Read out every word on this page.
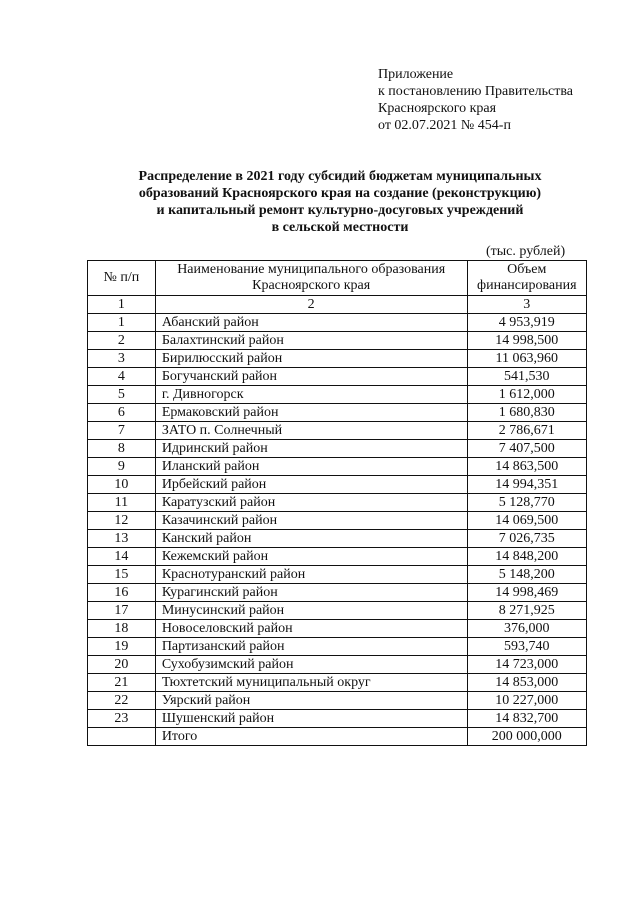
Приложение
к постановлению Правительства
Красноярского края
от 02.07.2021 № 454-п
Распределение в 2021 году субсидий бюджетам муниципальных
образований Красноярского края на создание (реконструкцию)
и капитальный ремонт культурно-досуговых учреждений
в сельской местности
(тыс. рублей)
№ п/п	Наименование муниципального образования Красноярского края	Объем финансирования
1	2	3
1	Абанский район	4 953,919
2	Балахтинский район	14 998,500
3	Бирилюсский район	11 063,960
4	Богучанский район	541,530
5	г. Дивногорск	1 612,000
6	Ермаковский район	1 680,830
7	ЗАТО п. Солнечный	2 786,671
8	Идринский район	7 407,500
9	Иланский район	14 863,500
10	Ирбейский район	14 994,351
11	Каратузский район	5 128,770
12	Казачинский район	14 069,500
13	Канский район	7 026,735
14	Кежемский район	14 848,200
15	Краснотуранский район	5 148,200
16	Курагинский район	14 998,469
17	Минусинский район	8 271,925
18	Новоселовский район	376,000
19	Партизанский район	593,740
20	Сухобузимский район	14 723,000
21	Тюхтетский муниципальный округ	14 853,000
22	Уярский район	10 227,000
23	Шушенский район	14 832,700
	Итого	200 000,000
